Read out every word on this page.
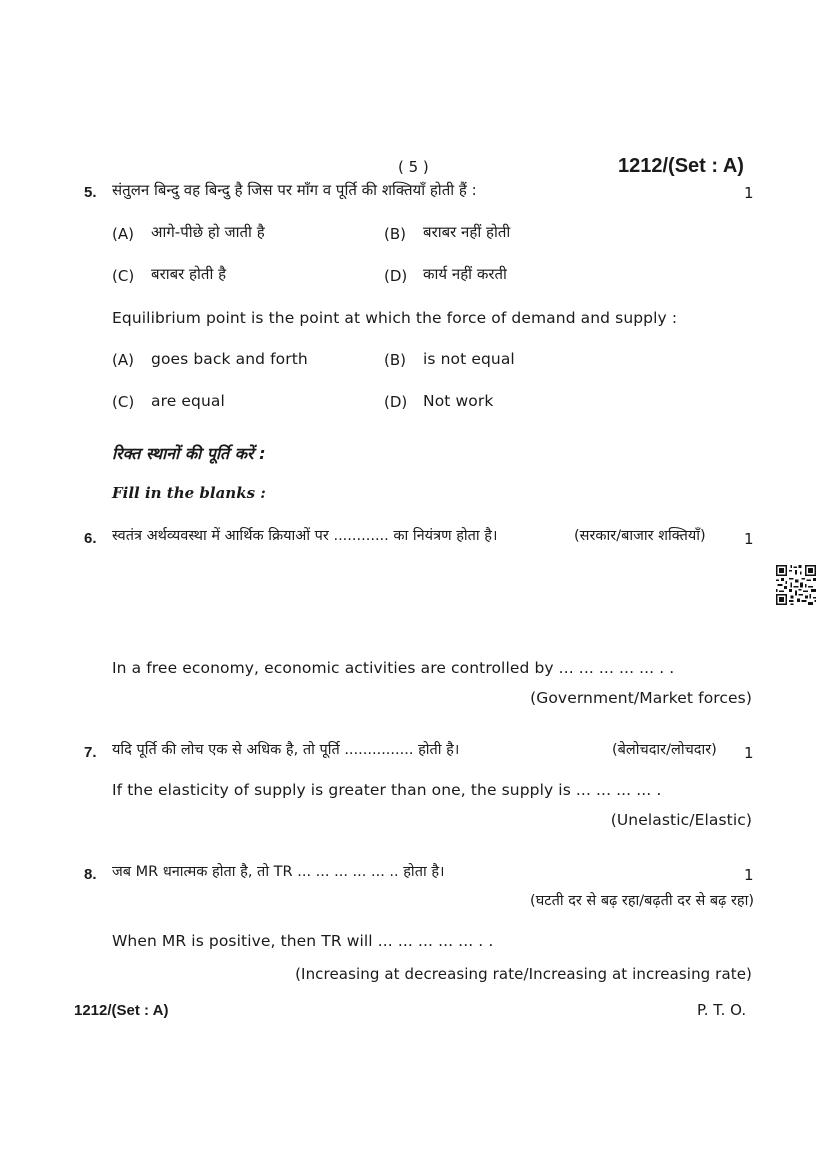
( 5 )	1212/(Set : A)
5. संतुलन बिन्दु वह बिन्दु है जिस पर माँग व पूर्ति की शक्तियाँ होती हैं :	1
(A) आगे-पीछे हो जाती है	(B) बराबर नहीं होती
(C) बराबर होती है	(D) कार्य नहीं करती
Equilibrium point is the point at which the force of demand and supply :
(A) goes back and forth	(B) is not equal
(C) are equal	(D) Not work
रिक्त स्थानों की पूर्ति करें :
Fill in the blanks :
6. स्वतंत्र अर्थव्यवस्था में आर्थिक क्रियाओं पर ............ का नियंत्रण होता है।	(सरकार/बाजार शक्तियाँ)	1
In a free economy, economic activities are controlled by ... ... ... ... ... . .
(Government/Market forces)
7. यदि पूर्ति की लोच एक से अधिक है, तो पूर्ति ............... होती है।	(बेलोचदार/लोचदार) 1
If the elasticity of supply is greater than one, the supply is ... ... ... ... .
(Unelastic/Elastic)
8. जब MR धनात्मक होता है, तो TR ... ... ... ... ... .. होता है।	1
(घटती दर से बढ़ रहा/बढ़ती दर से बढ़ रहा)
When MR is positive, then TR will ... ... ... ... ... . .
(Increasing at decreasing rate/Increasing at increasing rate)
1212/(Set : A)	P. T. O.
